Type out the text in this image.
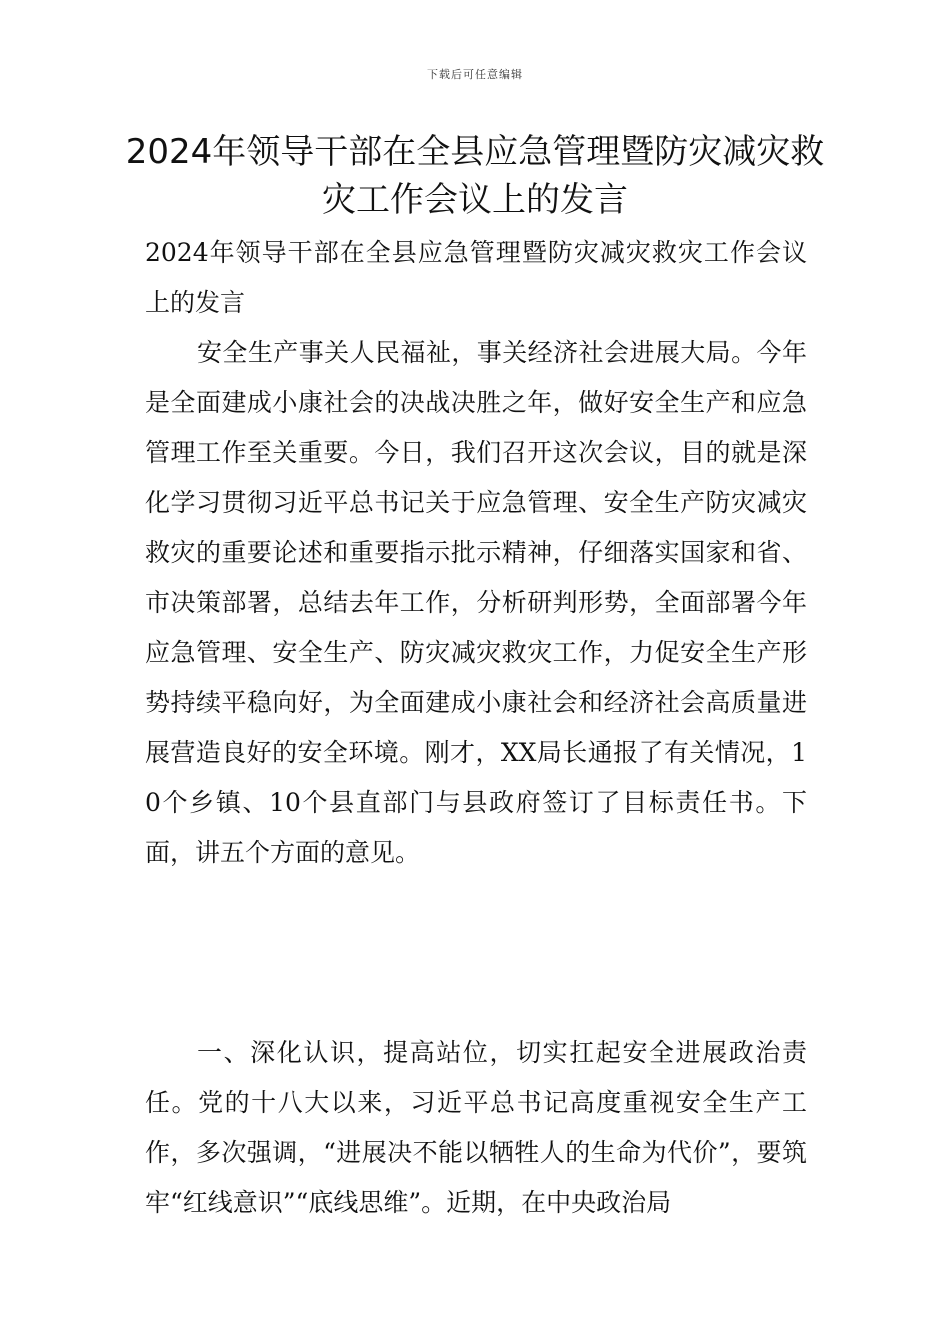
下载后可任意编辑
2024年领导干部在全县应急管理暨防灾减灾救灾工作会议上的发言

2024年领导干部在全县应急管理暨防灾减灾救灾工作会议上的发言

安全生产事关人民福祉，事关经济社会进展大局。今年是全面建成小康社会的决战决胜之年，做好安全生产和应急管理工作至关重要。今日，我们召开这次会议，目的就是深化学习贯彻习近平总书记关于应急管理、安全生产防灾减灾救灾的重要论述和重要指示批示精神，仔细落实国家和省、市决策部署，总结去年工作，分析研判形势，全面部署今年应急管理、安全生产、防灾减灾救灾工作，力促安全生产形势持续平稳向好，为全面建成小康社会和经济社会高质量进展营造良好的安全环境。刚才，XX局长通报了有关情况，10个乡镇、10个县直部门与县政府签订了目标责任书。下面，讲五个方面的意见。

一、深化认识，提高站位，切实扛起安全进展政治责任。党的十八大以来，习近平总书记高度重视安全生产工作，多次强调，“进展决不能以牺牲人的生命为代价”，要筑牢“红线意识”“底线思维”。近期，在中央政治局
